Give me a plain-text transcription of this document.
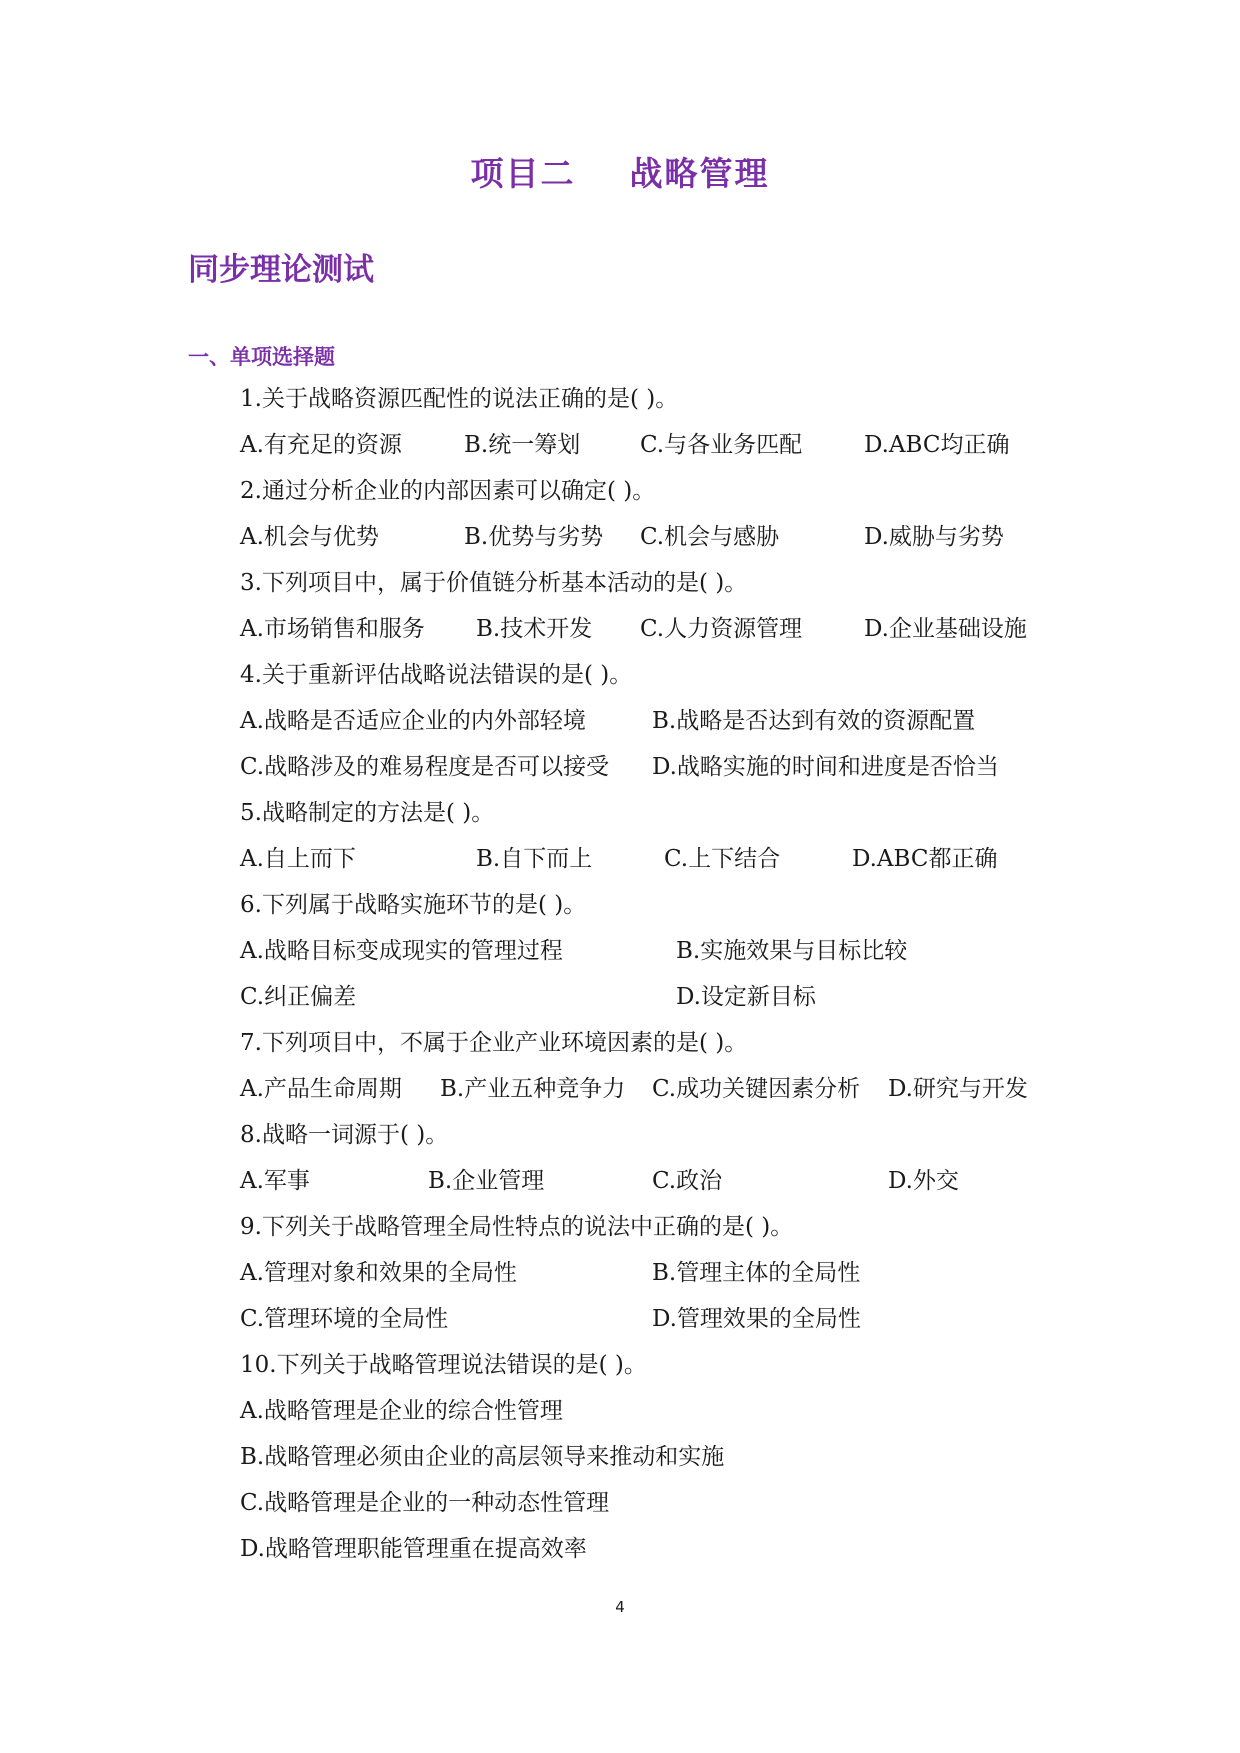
项目二    战略管理
同步理论测试
一、单项选择题
1.关于战略资源匹配性的说法正确的是( )。
A.有充足的资源	B.统一筹划	C.与各业务匹配	D.ABC均正确
2.通过分析企业的内部因素可以确定( )。
A.机会与优势	B.优势与劣势 C.机会与感胁	D.威胁与劣势
3.下列项目中，属于价值链分析基本活动的是( )。
A.市场销售和服务 B.技术开发 C.人力资源管理	D.企业基础设施
4.关于重新评估战略说法错误的是( )。
A.战略是否适应企业的内外部轻境	B.战略是否达到有效的资源配置
C.战略涉及的难易程度是否可以接受 D.战略实施的时间和进度是否恰当
5.战略制定的方法是( )。
A.自上而下	B.自下而上	C.上下结合	D.ABC都正确
6.下列属于战略实施环节的是( )。
A.战略目标变成现实的管理过程	B.实施效果与目标比较
C.纠正偏差	D.设定新目标
7.下列项目中，不属于企业产业环境因素的是( )。
A.产品生命周期 B.产业五种竞争力 C.成功关键因素分析 D.研究与开发
8.战略一词源于( )。
A.军事	B.企业管理	C.政治	D.外交
9.下列关于战略管理全局性特点的说法中正确的是( )。
A.管理对象和效果的全局性	B.管理主体的全局性
C.管理环境的全局性	D.管理效果的全局性
10.下列关于战略管理说法错误的是( )。
A.战略管理是企业的综合性管理
B.战略管理必须由企业的高层领导来推动和实施
C.战略管理是企业的一种动态性管理
D.战略管理职能管理重在提高效率
4
